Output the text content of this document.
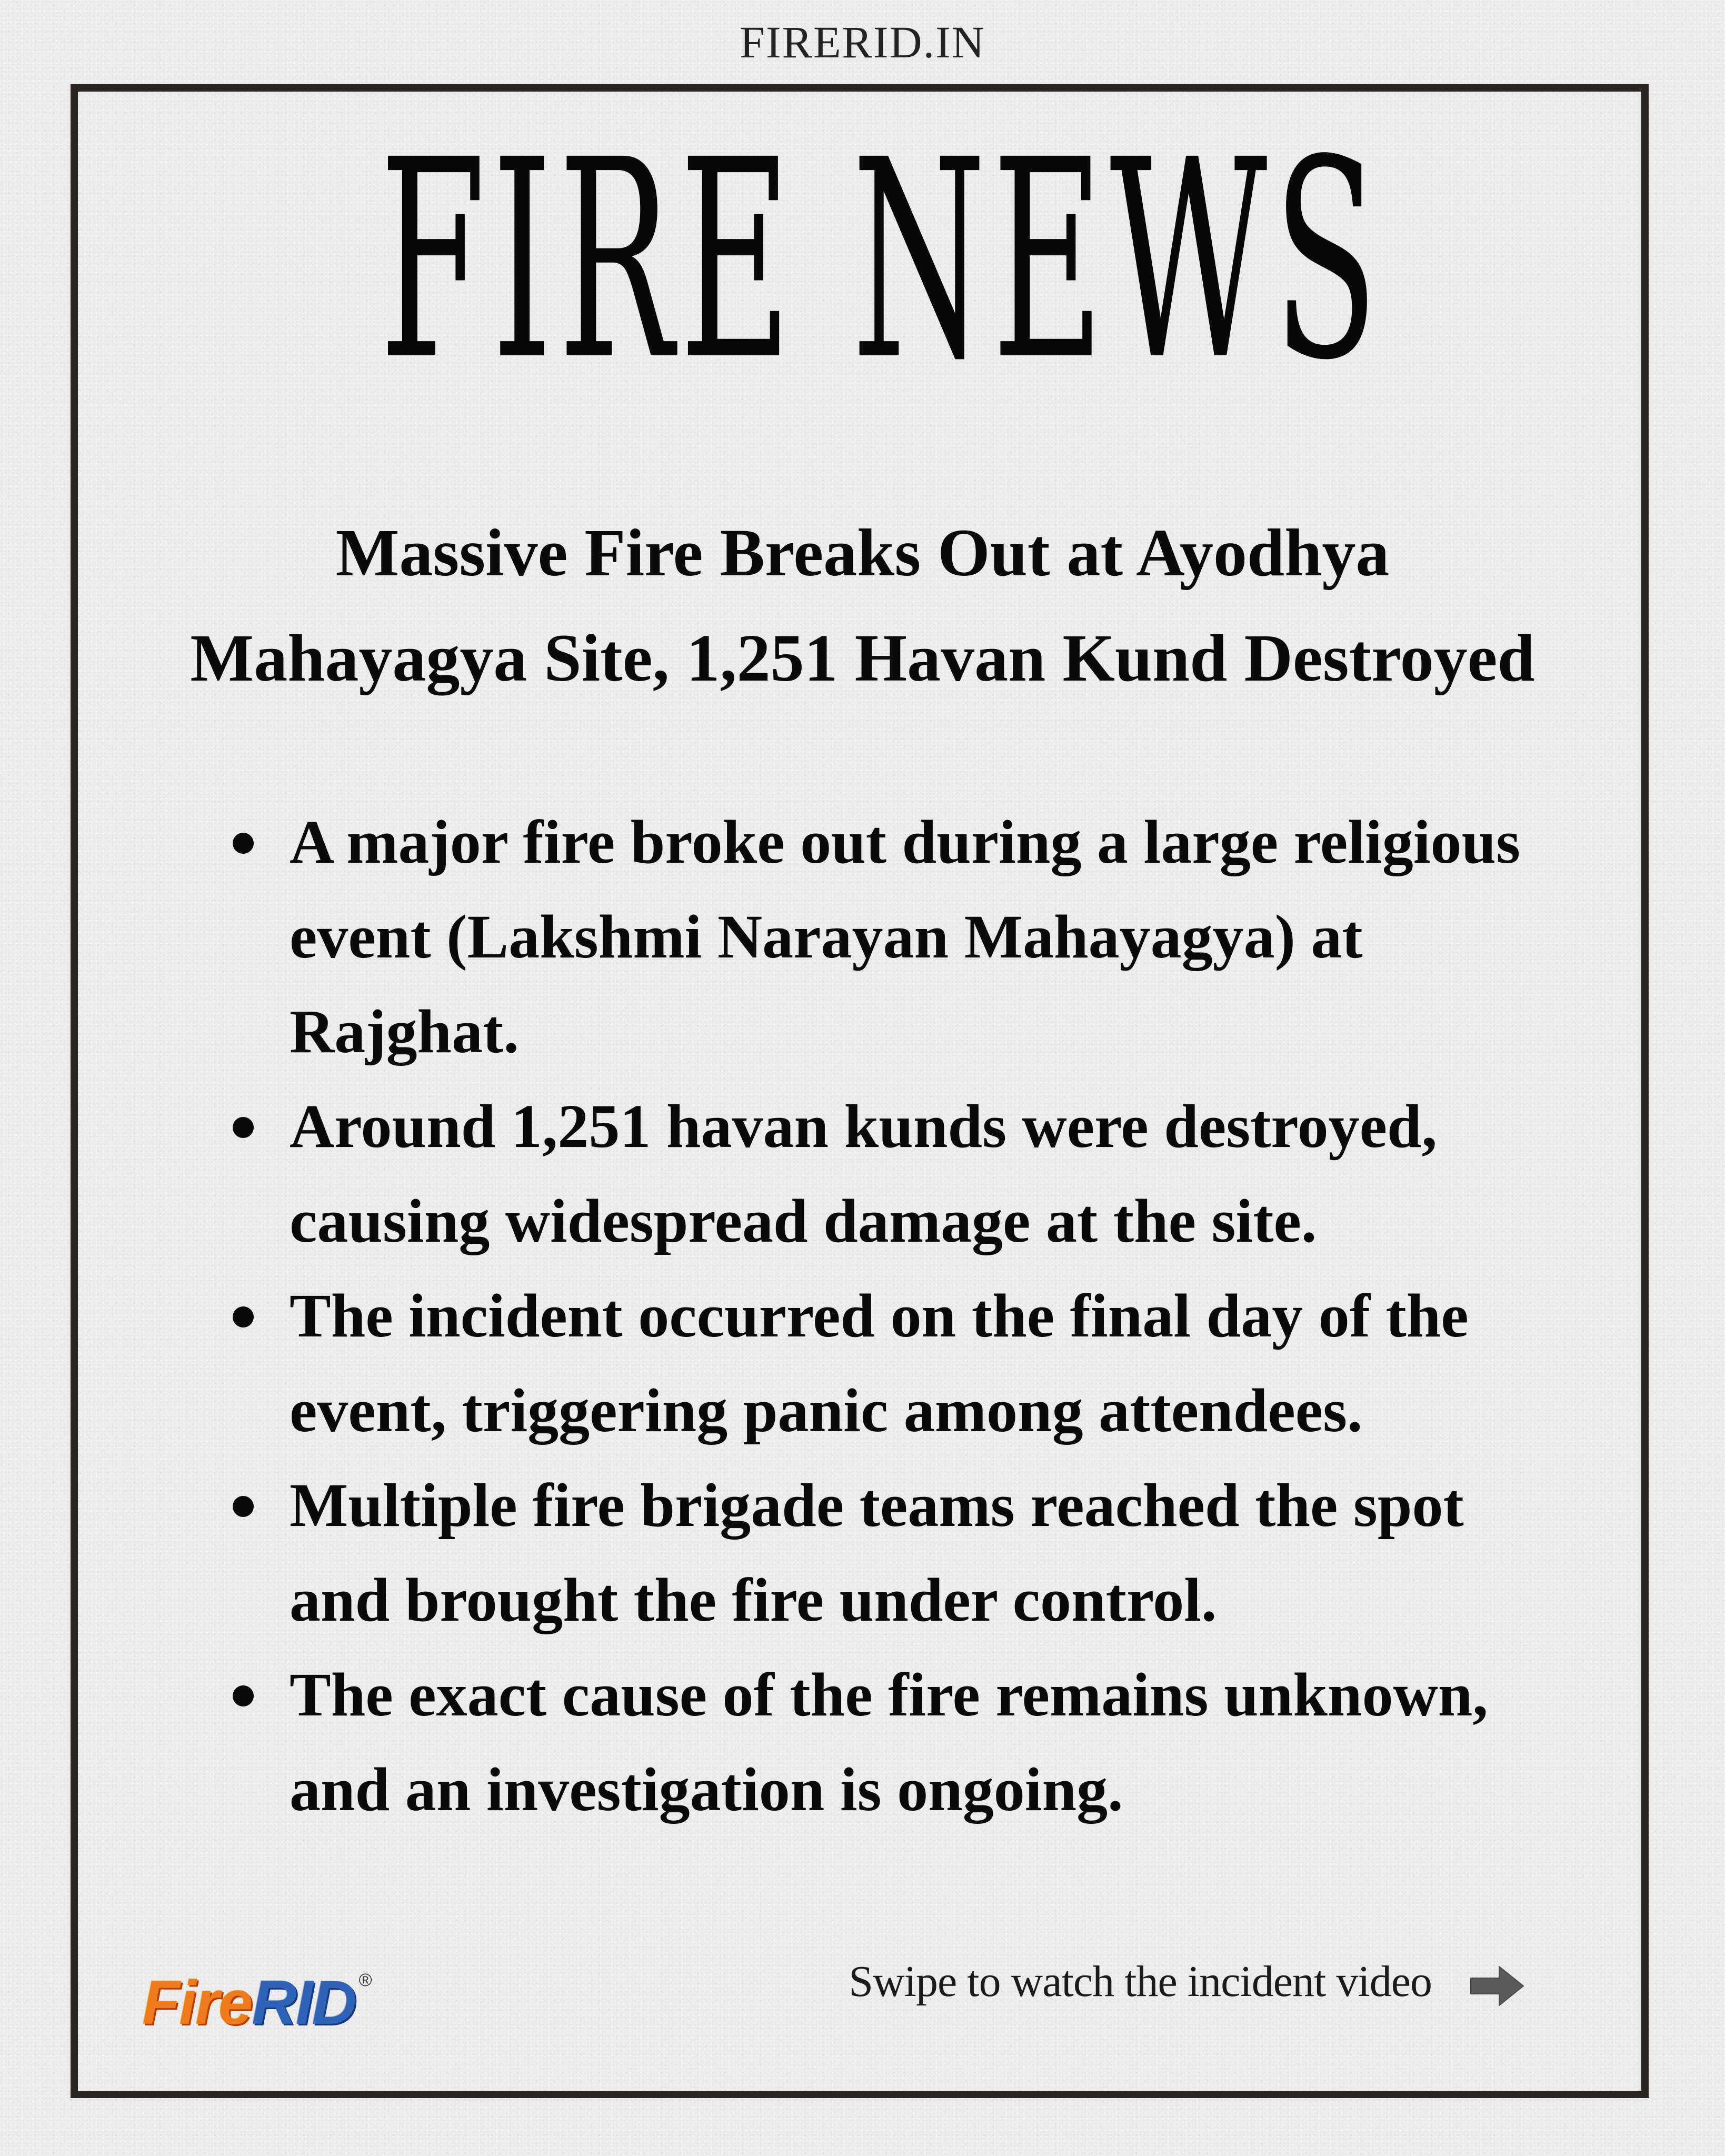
FIRERID.IN
FIRE NEWS
Massive Fire Breaks Out at Ayodhya
Mahayagya Site, 1,251 Havan Kund Destroyed
A major fire broke out during a large religious event (Lakshmi Narayan Mahayagya) at Rajghat.
Around 1,251 havan kunds were destroyed, causing widespread damage at the site.
The incident occurred on the final day of the event, triggering panic among attendees.
Multiple fire brigade teams reached the spot and brought the fire under control.
The exact cause of the fire remains unknown, and an investigation is ongoing.
Fire RID ®	Swipe to watch the incident video
